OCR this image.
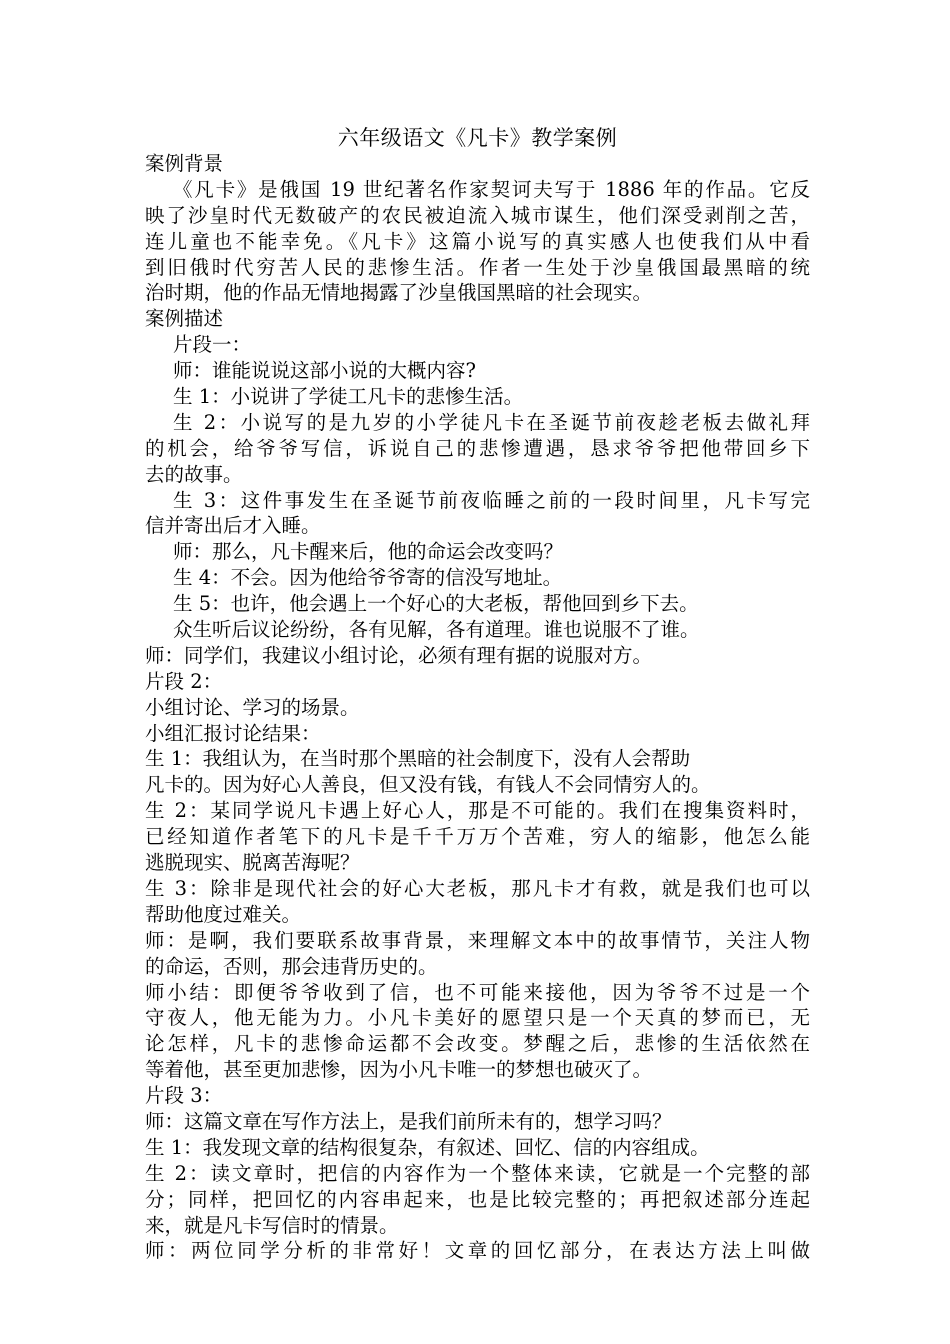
六年级语文《凡卡》教学案例

案例背景

《凡卡》是俄国 19 世纪著名作家契诃夫写于 1886 年的作品。它反

映了沙皇时代无数破产的农民被迫流入城市谋生，他们深受剥削之苦，

连儿童也不能幸免。《凡卡》这篇小说写的真实感人也使我们从中看

到旧俄时代穷苦人民的悲惨生活。作者一生处于沙皇俄国最黑暗的统

治时期，他的作品无情地揭露了沙皇俄国黑暗的社会现实。

案例描述

片段一：

师：谁能说说这部小说的大概内容?

生 1：小说讲了学徒工凡卡的悲惨生活。

生 2：小说写的是九岁的小学徒凡卡在圣诞节前夜趁老板去做礼拜

的机会，给爷爷写信，诉说自己的悲惨遭遇，恳求爷爷把他带回乡下

去的故事。

生 3：这件事发生在圣诞节前夜临睡之前的一段时间里，凡卡写完

信并寄出后才入睡。

师：那么，凡卡醒来后，他的命运会改变吗？

生 4：不会。因为他给爷爷寄的信没写地址。

生 5：也许，他会遇上一个好心的大老板，帮他回到乡下去。

众生听后议论纷纷，各有见解，各有道理。谁也说服不了谁。

师：同学们，我建议小组讨论，必须有理有据的说服对方。

片段 2：

小组讨论、学习的场景。

小组汇报讨论结果：

生 1：我组认为，在当时那个黑暗的社会制度下，没有人会帮助

凡卡的。因为好心人善良，但又没有钱，有钱人不会同情穷人的。

生 2：某同学说凡卡遇上好心人，那是不可能的。我们在搜集资料时，

已经知道作者笔下的凡卡是千千万万个苦难，穷人的缩影，他怎么能

逃脱现实、脱离苦海呢？

生 3：除非是现代社会的好心大老板，那凡卡才有救，就是我们也可以

帮助他度过难关。

师：是啊，我们要联系故事背景，来理解文本中的故事情节，关注人物

的命运，否则，那会违背历史的。

师小结：即便爷爷收到了信，也不可能来接他，因为爷爷不过是一个

守夜人，他无能为力。小凡卡美好的愿望只是一个天真的梦而已，无

论怎样，凡卡的悲惨命运都不会改变。梦醒之后，悲惨的生活依然在

等着他，甚至更加悲惨，因为小凡卡唯一的梦想也破灭了。

片段 3：

师：这篇文章在写作方法上，是我们前所未有的，想学习吗？

生 1：我发现文章的结构很复杂，有叙述、回忆、信的内容组成。

生 2：读文章时，把信的内容作为一个整体来读，它就是一个完整的部

分；同样，把回忆的内容串起来，也是比较完整的；再把叙述部分连起

来，就是凡卡写信时的情景。

师：两位同学分析的非常好！文章的回忆部分，在表达方法上叫做
